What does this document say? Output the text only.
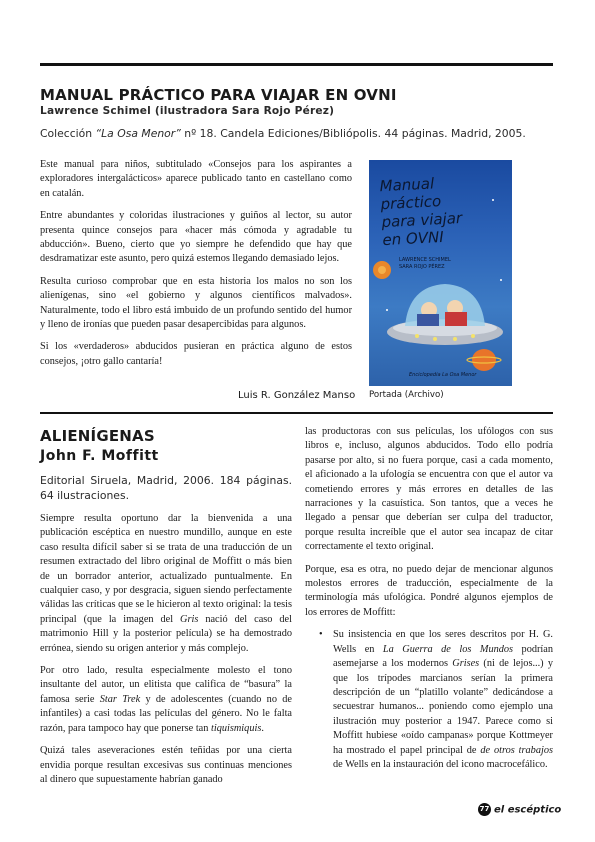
MANUAL PRÁCTICO PARA VIAJAR EN OVNI
Lawrence Schimel (ilustradora Sara Rojo Pérez)
Colección “La Osa Menor” nº 18. Candela Ediciones/Bibliópolis. 44 páginas. Madrid, 2005.

Este manual para niños, subtitulado «Consejos para los aspirantes a exploradores intergalácticos» aparece publicado tanto en castellano como en catalán.

Entre abundantes y coloridas ilustraciones y guiños al lector, su autor presenta quince consejos para «hacer más cómoda y agradable tu abducción». Bueno, cierto que yo siempre he defendido que hay que desdramatizar este asunto, pero quizá estemos llegando demasiado lejos.

Resulta curioso comprobar que en esta historia los malos no son los alienígenas, sino «el gobierno y algunos científicos malvados». Naturalmente, todo el libro está imbuido de un profundo sentido del humor y lleno de ironías que pueden pasar desapercibidas para algunos.

Si los «verdaderos» abducidos pusieran en práctica alguno de estos consejos, ¡otro gallo cantaría!

Luis R. González Manso
Manual
práctico
para viajar
en OVNI
LAWRENCE SCHIMEL
SARA ROJO PÉREZ
Enciclopedia La Osa Menor
Portada (Archivo)
ALIENÍGENAS
John F. Moffitt
Editorial Siruela, Madrid, 2006. 184 páginas. 64 ilustraciones.

Siempre resulta oportuno dar la bienvenida a una publicación escéptica en nuestro mundillo, aunque en este caso resulta difícil saber si se trata de una traducción de un resumen extractado del libro original de Moffitt o más bien de un borrador anterior, actualizado puntualmente. En cualquier caso, y por desgracia, siguen siendo perfectamente válidas las críticas que se le hicieron al texto original: la tesis principal (que la imagen del Gris nació del caso del matrimonio Hill y la posterior película) se ha demostrado errónea, siendo su origen anterior y más complejo.

Por otro lado, resulta especialmente molesto el tono insultante del autor, un elitista que califica de “basura” la famosa serie Star Trek y de adolescentes (cuando no de infantiles) a casi todas las películas del género. No le falta razón, para tampoco hay que ponerse tan tiquismiquis.

Quizá tales aseveraciones estén teñidas por una cierta envidia porque resultan excesivas sus continuas menciones al dinero que supuestamente habrían ganado

las productoras con sus películas, los ufólogos con sus libros e, incluso, algunos abducidos. Todo ello podría pasarse por alto, si no fuera porque, casi a cada momento, el aficionado a la ufología se encuentra con que el autor va cometiendo errores y más errores en detalles de las narraciones y la casuística. Son tantos, que a veces he llegado a pensar que deberían ser culpa del traductor, porque resulta increíble que el autor sea incapaz de citar correctamente el texto original.

Porque, esa es otra, no puedo dejar de mencionar algunos molestos errores de traducción, especialmente de la terminología más ufológica. Pondré algunos ejemplos de los errores de Moffitt:

• Su insistencia en que los seres descritos por H. G. Wells en La Guerra de los Mundos podrían asemejarse a los modernos Grises (ni de lejos...) y que los trípodes marcianos serían la primera descripción de un “platillo volante” dedicándose a secuestrar humanos... poniendo como ejemplo una ilustración muy posterior a 1947. Parece como si Moffitt hubiese «oído campanas» porque Kottmeyer ha mostrado el papel principal de de otros trabajos de Wells en la instauración del icono macrocefálico.

77 el escéptico
